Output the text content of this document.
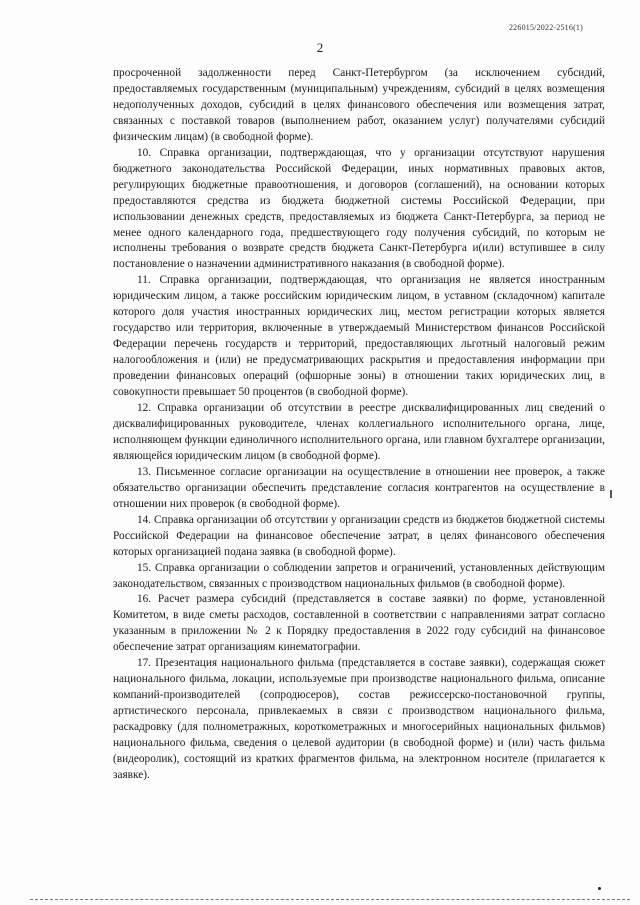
226015/2022-2516(1)
2

просроченной задолженности перед Санкт-Петербургом (за исключением субсидий, предоставляемых государственным (муниципальным) учреждениям, субсидий в целях возмещения недополученных доходов, субсидий в целях финансового обеспечения или возмещения затрат, связанных с поставкой товаров (выполнением работ, оказанием услуг) получателями субсидий физическим лицам) (в свободной форме).

10. Справка организации, подтверждающая, что у организации отсутствуют нарушения бюджетного законодательства Российской Федерации, иных нормативных правовых актов, регулирующих бюджетные правоотношения, и договоров (соглашений), на основании которых предоставляются средства из бюджета бюджетной системы Российской Федерации, при использовании денежных средств, предоставляемых из бюджета Санкт-Петербурга, за период не менее одного календарного года, предшествующего году получения субсидий, по которым не исполнены требования о возврате средств бюджета Санкт-Петербурга и(или) вступившее в силу постановление о назначении административного наказания (в свободной форме).

11. Справка организации, подтверждающая, что организация не является иностранным юридическим лицом, а также российским юридическим лицом, в уставном (складочном) капитале которого доля участия иностранных юридических лиц, местом регистрации которых является государство или территория, включенные в утверждаемый Министерством финансов Российской Федерации перечень государств и территорий, предоставляющих льготный налоговый режим налогообложения и (или) не предусматривающих раскрытия и предоставления информации при проведении финансовых операций (офшорные зоны) в отношении таких юридических лиц, в совокупности превышает 50 процентов (в свободной форме).

12. Справка организации об отсутствии в реестре дисквалифицированных лиц сведений о дисквалифицированных руководителе, членах коллегиального исполнительного органа, лице, исполняющем функции единоличного исполнительного органа, или главном бухгалтере организации, являющейся юридическим лицом (в свободной форме).

13. Письменное согласие организации на осуществление в отношении нее проверок, а также обязательство организации обеспечить представление согласия контрагентов на осуществление в отношении них проверок (в свободной форме).

14. Справка организации об отсутствии у организации средств из бюджетов бюджетной системы Российской Федерации на финансовое обеспечение затрат, в целях финансового обеспечения которых организацией подана заявка (в свободной форме).

15. Справка организации о соблюдении запретов и ограничений, установленных действующим законодательством, связанных с производством национальных фильмов (в свободной форме).

16. Расчет размера субсидий (представляется в составе заявки) по форме, установленной Комитетом, в виде сметы расходов, составленной в соответствии с направлениями затрат согласно указанным в приложении № 2 к Порядку предоставления в 2022 году субсидий на финансовое обеспечение затрат организациям кинематографии.

17. Презентация национального фильма (представляется в составе заявки), содержащая сюжет национального фильма, локации, используемые при производстве национального фильма, описание компаний-производителей (сопродюсеров), состав режиссерско-постановочной группы, артистического персонала, привлекаемых в связи с производством национального фильма, раскадровку (для полнометражных, короткометражных и многосерийных национальных фильмов) национального фильма, сведения о целевой аудитории (в свободной форме) и (или) часть фильма (видеоролик), состоящий из кратких фрагментов фильма, на электронном носителе (прилагается к заявке).
